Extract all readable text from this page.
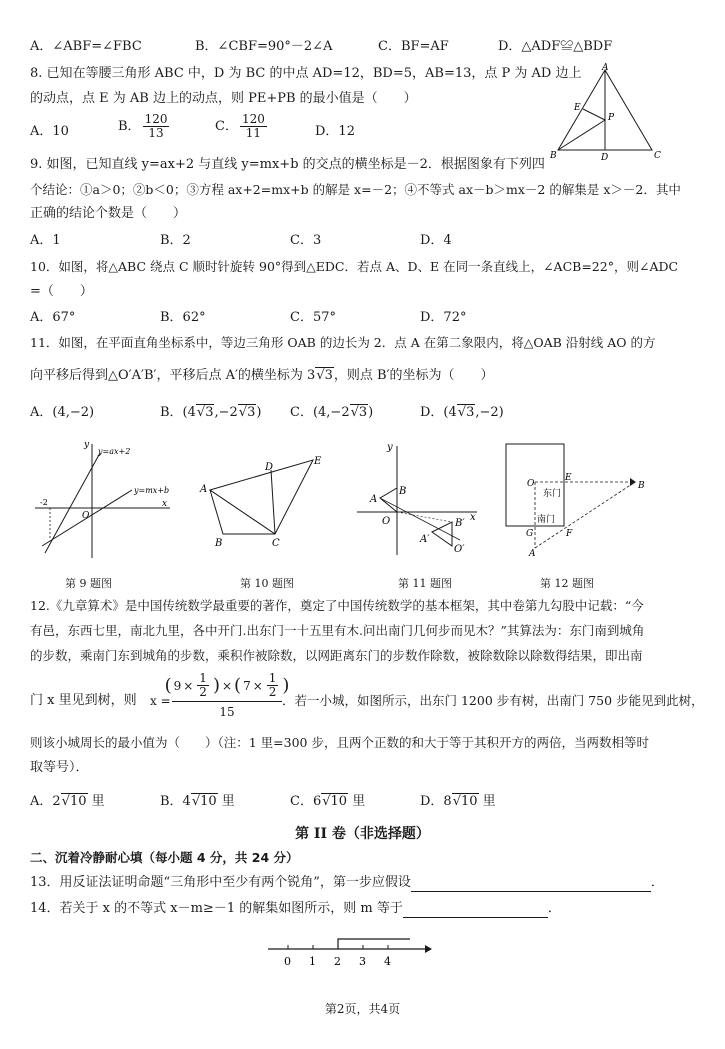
A．∠ABF=∠FBC	B．∠CBF=90°－2∠A	C．BF=AF	D．△ADF≌△BDF
8. 已知在等腰三角形 ABC 中，D 为 BC 的中点 AD=12，BD=5，AB=13，点 P 为 AD 边上
的动点，点 E 为 AB 边上的动点，则 PE+PB 的最小值是（　　）
A．10	B． $\frac{120}{13}$	C． $\frac{120}{11}$	D．12
A
E
P
B	D	C
9. 如图，已知直线 y=ax+2 与直线 y=mx+b 的交点的横坐标是－2．根据图象有下列四
个结论：①a＞0；②b＜0；③方程 ax+2=mx+b 的解是 x=－2；④不等式 ax－b＞mx－2 的解集是 x＞－2．其中
正确的结论个数是（　　）
A．1	B．2	C．3	D．4
10．如图，将△ABC 绕点 C 顺时针旋转 90°得到△EDC．若点 A、D、E 在同一条直线上，∠ACB=22°，则∠ADC
=（　　）
A．67°	B．62°	C．57°	D．72°
11．如图，在平面直角坐标系中，等边三角形 OAB 的边长为 2．点 A 在第二象限内，将△OAB 沿射线 AO 的方
向平移后得到△O′A′B′，平移后点 A′的横坐标为 3√3，则点 B′的坐标为（　　）
A．(4,−2)	B．(4√3,−2√3) C．(4,−2√3)	D．(4√3,−2)
y
y=ax+2
y=mx+b
x
O
-2
第 9 题图
A
B	C
D
E
第 10 题图
y
A
B
O	x
B′
A′
O′
第 11 题图
O
E
东门
B
南门
G	F
A
第 12 题图
12.《九章算术》是中国传统数学最重要的著作，奠定了中国传统数学的基本框架，其中卷第九勾股中记载：“今
有邑，东西七里，南北九里，各中开门.出东门一十五里有木.问出南门几何步而见木？”其算法为：东门南到城角
的步数，乘南门东到城角的步数，乘积作被除数，以网距离东门的步数作除数，被除数除以除数得结果，即出南
门 x 里见到树，则 x =
( $9 \times \frac{1}{2}$ ) × ( $7 \times \frac{1}{2}$ )
15
．若一小城，如图所示，出东门 1200 步有树，出南门 750 步能见到此树，
则该小城周长的最小值为（　　）（注：1 里=300 步，且两个正数的和大于等于其积开方的两倍，当两数相等时
取等号）．
A．2√10 里	B．4√10 里	C．6√10 里	D．8√10 里
第 II 卷（非选择题）
二、沉着冷静耐心填（每小题 4 分，共 24 分）
13．用反证法证明命题“三角形中至少有两个锐角”，第一步应假设	．
14．若关于 x 的不等式 x－m≥－1 的解集如图所示，则 m 等于	．
0 1 2 3 4
第2页，共4页
